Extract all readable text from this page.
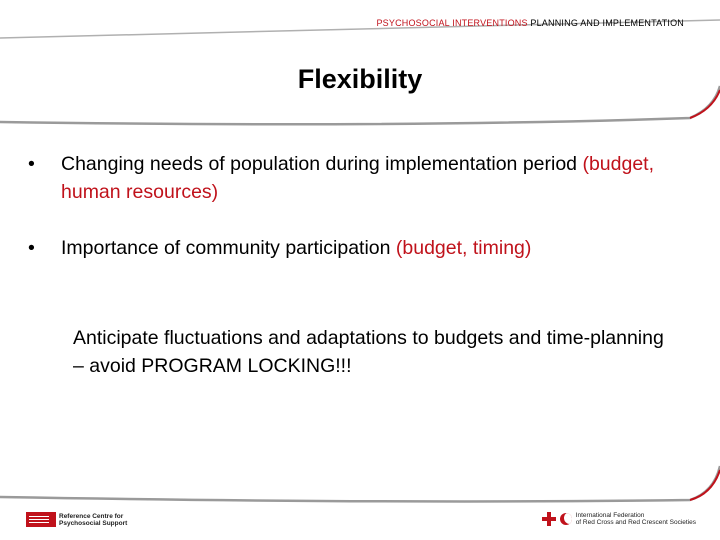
PSYCHOSOCIAL INTERVENTIONS PLANNING AND IMPLEMENTATION
Flexibility
• Changing needs of population during implementation period (budget, human resources)
• Importance of community participation (budget, timing)
Anticipate fluctuations and adaptations to budgets and time-planning – avoid PROGRAM LOCKING!!!
Reference Centre for
Psychosocial Support
International Federation
of Red Cross and Red Crescent Societies
